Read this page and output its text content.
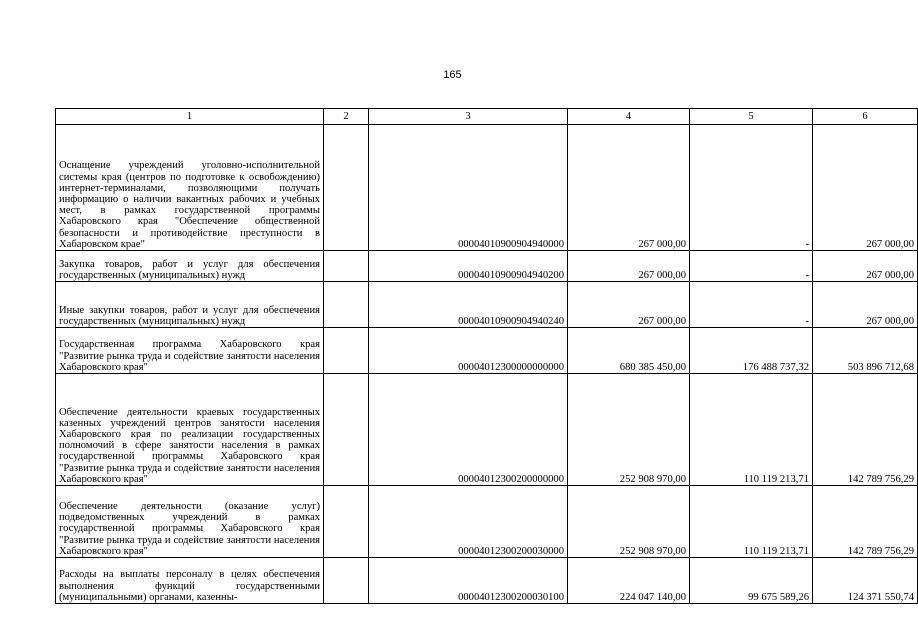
165
1	2	3	4	5	6
Оснащение учреждений уголовно-исполнительной системы края (центров по подготовке к освобождению) интернет-терминалами, позволяющими получать информацию о наличии вакантных рабочих и учебных мест, в рамках государственной программы Хабаровского края "Обеспечение общественной безопасности и противодействие преступности в Хабаровском крае"		00004010900904940000	267 000,00	-	267 000,00
Закупка товаров, работ и услуг для обеспечения государственных (муниципальных) нужд		00004010900904940200	267 000,00	-	267 000,00
Иные закупки товаров, работ и услуг для обеспечения государственных (муниципальных) нужд		00004010900904940240	267 000,00	-	267 000,00
Государственная программа Хабаровского края "Развитие рынка труда и содействие занятости населения Хабаровского края"		00004012300000000000	680 385 450,00	176 488 737,32	503 896 712,68
Обеспечение деятельности краевых государственных казенных учреждений центров занятости населения Хабаровского края по реализации государственных полномочий в сфере занятости населения в рамках государственной программы Хабаровского края "Развитие рынка труда и содействие занятости населения Хабаровского края"		00004012300200000000	252 908 970,00	110 119 213,71	142 789 756,29
Обеспечение деятельности (оказание услуг) подведомственных учреждений в рамках государственной программы Хабаровского края "Развитие рынка труда и содействие занятости населения Хабаровского края"		00004012300200030000	252 908 970,00	110 119 213,71	142 789 756,29
Расходы на выплаты персоналу в целях обеспечения выполнения функций государственными (муниципальными) органами, казенны-		00004012300200030100	224 047 140,00	99 675 589,26	124 371 550,74
